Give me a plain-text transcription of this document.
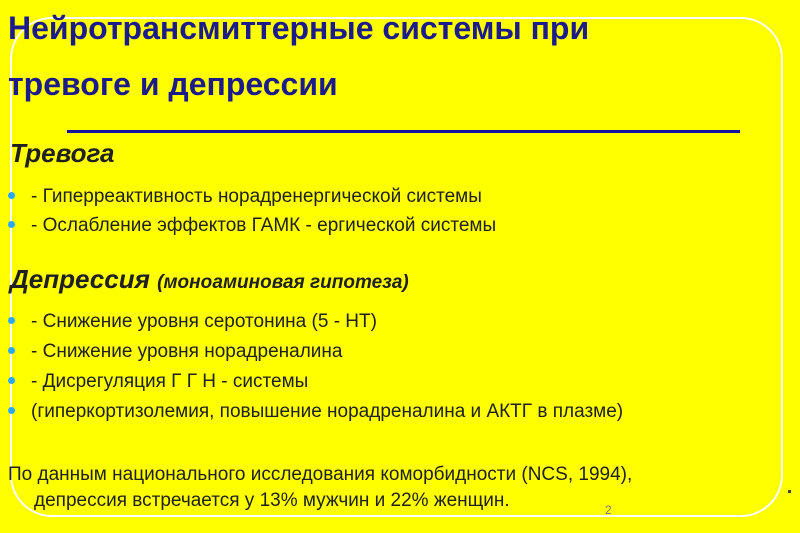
Нейротрансмиттерные системы при
тревоге и депрессии
Тревога
- Гиперреактивность норадренергической системы
- Ослабление эффектов ГАМК - ергической системы
Депрессия (моноаминовая гипотеза)
- Снижение уровня серотонина (5 - НТ)
- Снижение уровня норадреналина
- Дисрегуляция Г Г Н - системы
(гиперкортизолемия, повышение норадреналина и АКТГ в плазме)
По данным национального исследования коморбидности (NCS, 1994),
депрессия встречается у 13% мужчин и 22% женщин.	2
